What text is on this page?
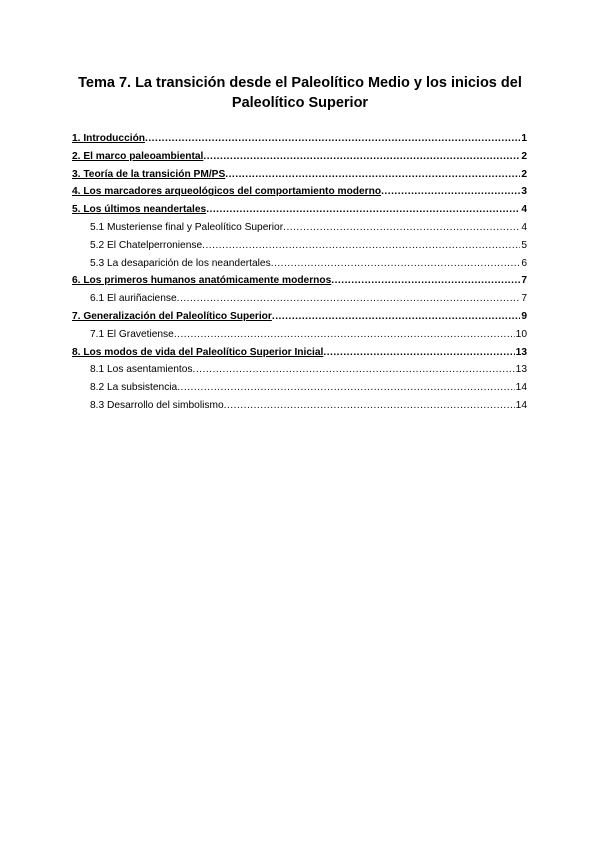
Tema 7. La transición desde el Paleolítico Medio y los inicios del
Paleolítico Superior
1. Introducción .....	1
2. El marco paleoambiental .....	2
3. Teoría de la transición PM/PS .....	2
4. Los marcadores arqueológicos del comportamiento moderno .....	3
5. Los últimos neandertales .....	4
5.1 Musteriense final y Paleolítico Superior .....	4
5.2 El Chatelperroniense .....	5
5.3 La desaparición de los neandertales .....	6
6. Los primeros humanos anatómicamente modernos .....	7
6.1 El auriñaciense .....	7
7. Generalización del Paleolítico Superior .....	9
7.1 El Gravetiense .....	10
8. Los modos de vida del Paleolítico Superior Inicial .....	13
8.1 Los asentamientos .....	13
8.2 La subsistencia .....	14
8.3 Desarrollo del simbolismo .....	14
